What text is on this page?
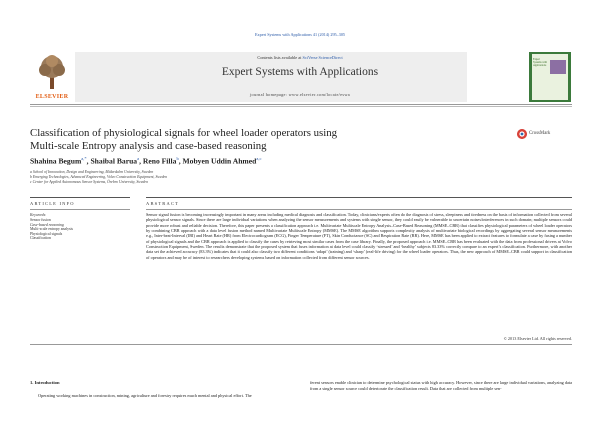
Expert Systems with Applications 41 (2014) 295–305
ELSEVIER
Contents lists available at SciVerse ScienceDirect
Expert Systems with Applications
journal homepage: www.elsevier.com/locate/eswa
Expert Systems with Applications
Classification of physiological signals for wheel loader operators using
Multi-scale Entropy analysis and case-based reasoning
CrossMark
Shahina Begum$^{a,*}$, Shaibal Barua$^a$, Reno Filla$^b$, Mobyen Uddin Ahmed$^{a,c}$
a School of Innovation, Design and Engineering, Mälardalen University, Sweden
b Emerging Technologies, Advanced Engineering, Volvo Construction Equipment, Sweden
c Center for Applied Autonomous Sensor Systems, Örebro University, Sweden
ARTICLE INFO	ABSTRACT
Keywords:
Sensor fusion
Case-based reasoning
Multi-scale entropy analysis
Physiological signals
Classification
Sensor signal fusion is becoming increasingly important in many areas including medical diagnosis and classification. Today, clinicians/experts often do the diagnosis of stress, sleepiness and tiredness on the basis of information collected from several physiological sensor signals. Since there are large individual variations when analyzing the sensor measurements and systems with single sensor, they could easily be vulnerable to uncertain noises/interferences in such domain; multiple sensors could provide more robust and reliable decision. Therefore, this paper presents a classification approach i.e. Multivariate Multiscale Entropy Analysis–Case-Based Reasoning (MMSE–CBR) that classifies physiological parameters of wheel loader operators by combining CBR approach with a data level fusion method named Multivariate Multiscale Entropy (MMSE). The MMSE algorithm supports complexity analysis of multivariate biological recordings by aggregating several sensor measurements e.g., Inter-beat-Interval (IBI) and Heart Rate (HR) from Electrocardiogram (ECG), Finger Temperature (FT), Skin Conductance (SC) and Respiration Rate (RR). Here, MMSE has been applied to extract features to formulate a case by fusing a number of physiological signals and the CBR approach is applied to classify the cases by retrieving most similar cases from the case library. Finally, the proposed approach i.e. MMSE–CBR has been evaluated with the data from professional drivers at Volvo Construction Equipment, Sweden. The results demonstrate that the proposed system that fuses information at data level could classify ‘stressed’ and ‘healthy’ subjects 83.33% correctly compare to an expert’s classification. Furthermore, with another data set the achieved accuracy (83.3%) indicates that it could also classify two different conditions ‘adapt’ (training) and ‘sharp’ (real-life driving) for the wheel loader operators. Thus, the new approach of MMSE–CBR could support in classification of operators and may be of interest to researchers developing systems based on information collected from different sensor sources.
© 2013 Elsevier Ltd. All rights reserved.
1. Introduction
Operating working machines in construction, mining, agriculture and forestry requires much mental and physical effort. The
ferent sensors enable clinician to determine psychological status with high accuracy. However, since there are large individual variations, analyzing data from a single sensor source could deteriorate the classification result. Data that are collected from multiple sen-
